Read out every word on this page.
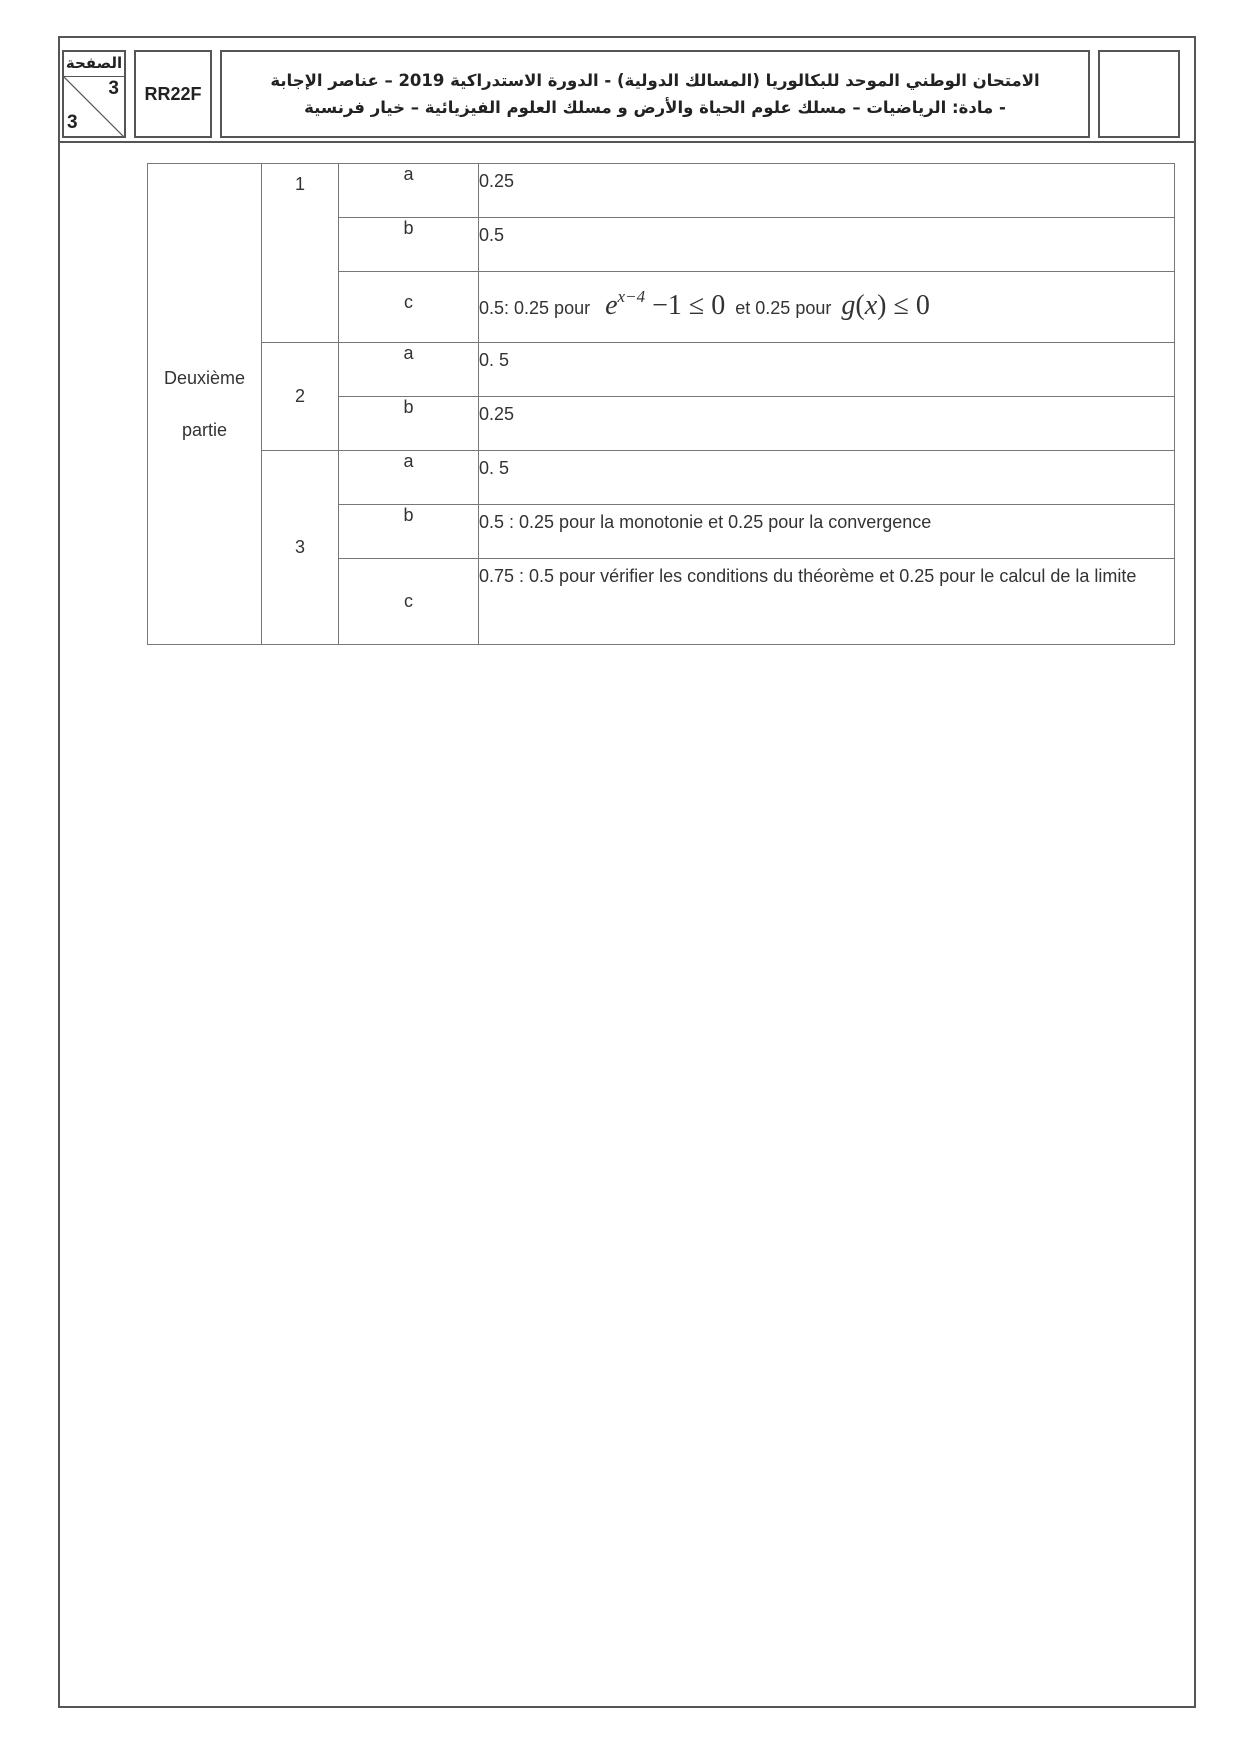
الصفحة
3
3
RR22F
الامتحان الوطني الموحد للبكالوريا (المسالك الدولية) - الدورة الاستدراكية 2019 – عناصر الإجابة
- مادة: الرياضيات – مسلك علوم الحياة والأرض و مسلك العلوم الفيزيائية – خيار فرنسية
Deuxième
partie	1	a	0.25
		b	0.5
		c	0.5: 0.25 pour $e^{x-4} -1 \le 0$ et 0.25 pour g(x) ≤ 0
	2	a	0. 5
		b	0.25
	3	a	0. 5
		b	0.5 : 0.25 pour la monotonie et 0.25 pour la convergence
		c	0.75 : 0.5 pour vérifier les conditions du théorème et 0.25 pour le calcul de la limite
